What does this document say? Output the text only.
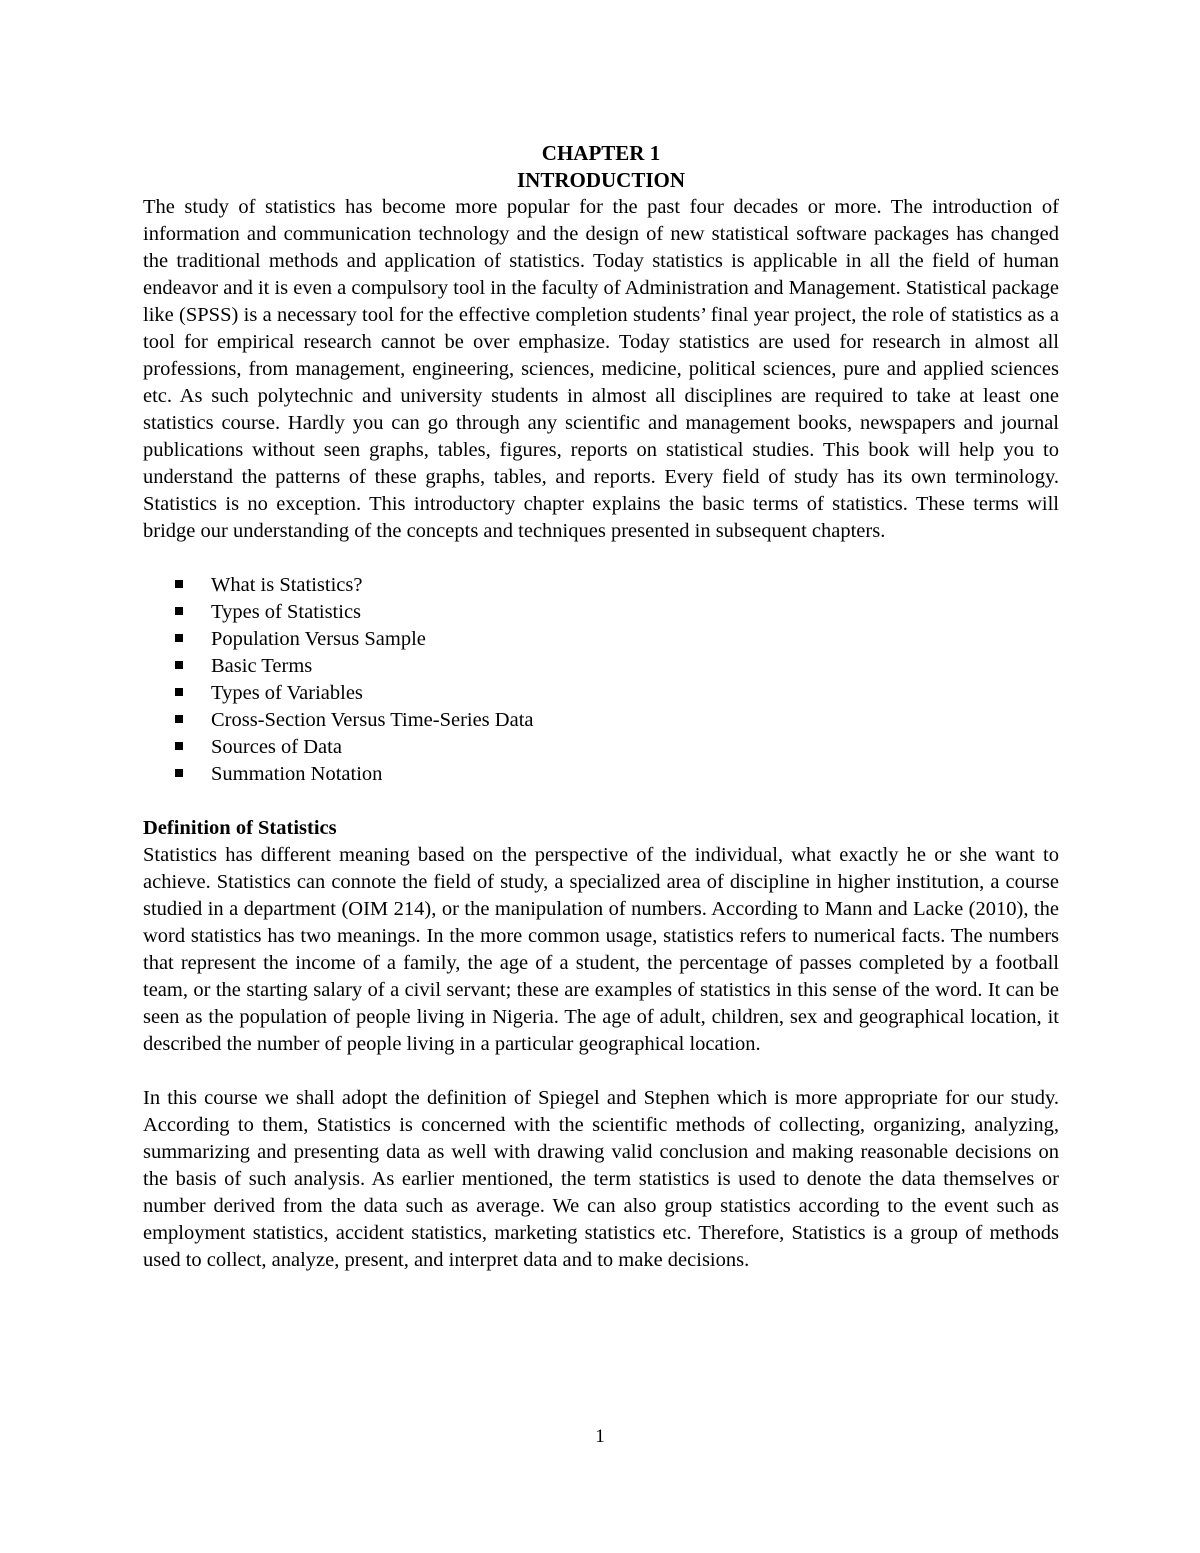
CHAPTER 1
INTRODUCTION

The study of statistics has become more popular for the past four decades or more. The introduction of information and communication technology and the design of new statistical software packages has changed the traditional methods and application of statistics. Today statistics is applicable in all the field of human endeavor and it is even a compulsory tool in the faculty of Administration and Management. Statistical package like (SPSS) is a necessary tool for the effective completion students’ final year project, the role of statistics as a tool for empirical research cannot be over emphasize. Today statistics are used for research in almost all professions, from management, engineering, sciences, medicine, political sciences, pure and applied sciences etc. As such polytechnic and university students in almost all disciplines are required to take at least one statistics course. Hardly you can go through any scientific and management books, newspapers and journal publications without seen graphs, tables, figures, reports on statistical studies. This book will help you to understand the patterns of these graphs, tables, and reports. Every field of study has its own terminology. Statistics is no exception. This introductory chapter explains the basic terms of statistics. These terms will bridge our understanding of the concepts and techniques presented in subsequent chapters.

What is Statistics?
Types of Statistics
Population Versus Sample
Basic Terms
Types of Variables
Cross-Section Versus Time-Series Data
Sources of Data
Summation Notation
Definition of Statistics

Statistics has different meaning based on the perspective of the individual, what exactly he or she want to achieve. Statistics can connote the field of study, a specialized area of discipline in higher institution, a course studied in a department (OIM 214), or the manipulation of numbers. According to Mann and Lacke (2010), the word statistics has two meanings. In the more common usage, statistics refers to numerical facts. The numbers that represent the income of a family, the age of a student, the percentage of passes completed by a football team, or the starting salary of a civil servant; these are examples of statistics in this sense of the word. It can be seen as the population of people living in Nigeria. The age of adult, children, sex and geographical location, it described the number of people living in a particular geographical location.

In this course we shall adopt the definition of Spiegel and Stephen which is more appropriate for our study. According to them, Statistics is concerned with the scientific methods of collecting, organizing, analyzing, summarizing and presenting data as well with drawing valid conclusion and making reasonable decisions on the basis of such analysis. As earlier mentioned, the term statistics is used to denote the data themselves or number derived from the data such as average. We can also group statistics according to the event such as employment statistics, accident statistics, marketing statistics etc. Therefore, Statistics is a group of methods used to collect, analyze, present, and interpret data and to make decisions.

1
